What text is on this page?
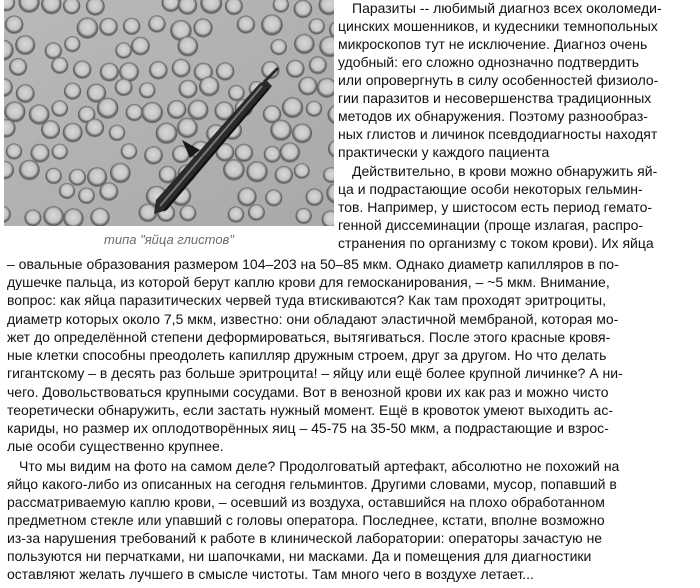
типа "яйца глистов"
Паразиты -- любимый диагноз всех околомеди-
цинских мошенников, и кудесники темнопольных
микроскопов тут не исключение. Диагноз очень
удобный: его сложно однозначно подтвердить
или опровергнуть в силу особенностей физиоло-
гии паразитов и несовершенства традиционных
методов их обнаружения. Поэтому разнообраз-
ных глистов и личинок псевдодиагносты находят
практически у каждого пациента
Действительно, в крови можно обнаружить яй-
ца и подрастающие особи некоторых гельмин-
тов. Например, у шистосом есть период гемато-
генной диссеминации (проще излагая, распро-
странения по организму с током крови). Их яйца
– овальные образования размером 104–203 на 50–85 мкм. Однако диаметр капилляров в по-
душечке пальца, из которой берут каплю крови для гемосканирования, – ~5 мкм. Внимание,
вопрос: как яйца паразитических червей туда втискиваются? Как там проходят эритроциты,
диаметр которых около 7,5 мкм, известно: они обладают эластичной мембраной, которая мо-
жет до определённой степени деформироваться, вытягиваться. После этого красные кровя-
ные клетки способны преодолеть капилляр дружным строем, друг за другом. Но что делать
гигантскому – в десять раз больше эритроцита! – яйцу или ещё более крупной личинке? А ни-
чего. Довольствоваться крупными сосудами. Вот в венозной крови их как раз и можно чисто
теоретически обнаружить, если застать нужный момент. Ещё в кровоток умеют выходить ас-
кариды, но размер их оплодотворённых яиц – 45-75 на 35-50 мкм, а подрастающие и взрос-
лые особи существенно крупнее.
Что мы видим на фото на самом деле? Продолговатый артефакт, абсолютно не похожий на
яйцо какого-либо из описанных на сегодня гельминтов. Другими словами, мусор, попавший в
рассматриваемую каплю крови, – осевший из воздуха, оставшийся на плохо обработанном
предметном стекле или упавший с головы оператора. Последнее, кстати, вполне возможно
из-за нарушения требований к работе в клинической лаборатории: операторы зачастую не
пользуются ни перчатками, ни шапочками, ни масками. Да и помещения для диагностики
оставляют желать лучшего в смысле чистоты. Там много чего в воздухе летает...
